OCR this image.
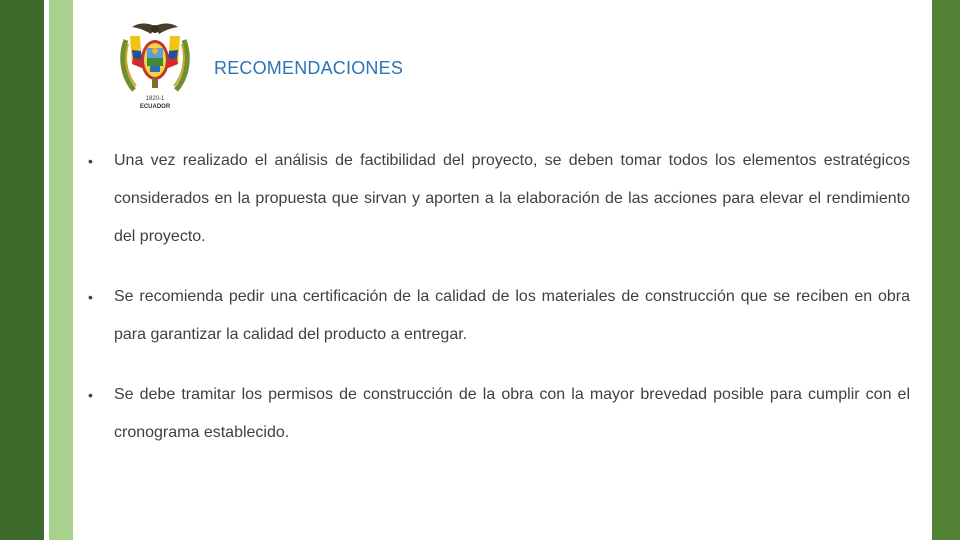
1820-1
ECUADOR
RECOMENDACIONES
• Una vez realizado el análisis de factibilidad del proyecto, se deben tomar todos los elementos estratégicos considerados en la propuesta que sirvan y aporten a la elaboración de las acciones para elevar el rendimiento del proyecto.

• Se recomienda pedir una certificación de la calidad de los materiales de construcción que se reciben en obra para garantizar la calidad del producto a entregar.

• Se debe tramitar los permisos de construcción de la obra con la mayor brevedad posible para cumplir con el cronograma establecido.
